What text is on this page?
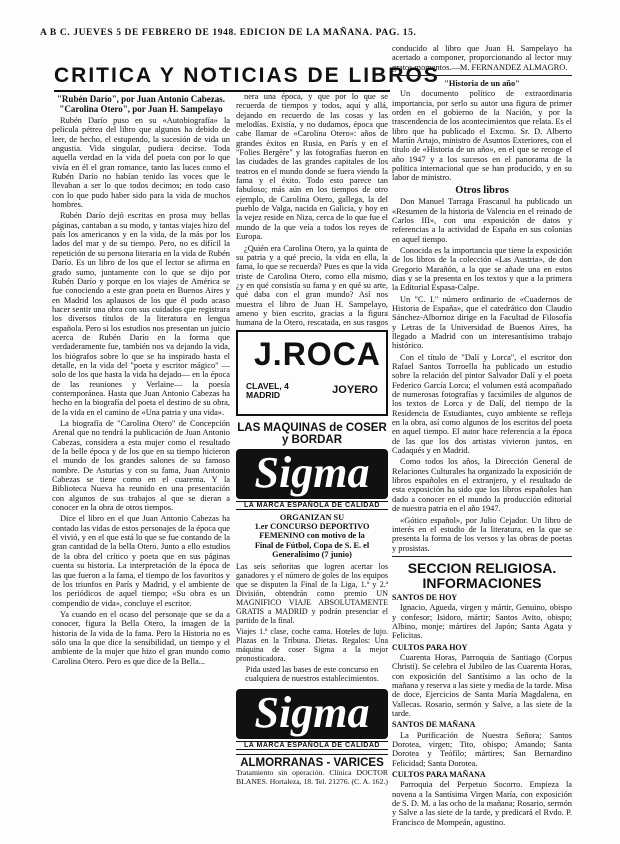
A B C. JUEVES 5 DE FEBRERO DE 1948. EDICION DE LA MAÑANA. PAG. 15.
CRITICA Y NOTICIAS DE LIBROS
"Rubén Darío", por Juan Antonio Cabezas. "Carolina Otero", por Juan H. Sampelayo

Rubén Darío puso en su «Autobiografía» la película pétrea del libro que algunos ha debido de leer, de hecho, el estupendo, la sucesión de vida un angustia. Vida singular, pudiera decirse. Toda aquella verdad en la vida del poeta con por lo que vivía en él el gran romance, tanto las luces como el Rubén Darío no habían tenido las voces que le llevaban a ser lo que todos decimos; en todo caso con lo que pudo haber sido para la vida de muchos hombres.

Rubén Darío dejó escritas en prosa muy bellas páginas, cantaban a su modo, y tantas viajes hizo del país los americanos y en la vida, de la más por los lados del mar y de su tiempo. Pero, no es difícil la repetición de su persona literaria en la vida de Rubén Darío. Es un libro de los que el lector se afirma en grado sumo, juntamente con lo que se dijo por Rubén Darío y porque en los viajes de América se fue conociendo a este gran poeta en Buenos Aires y en Madrid los aplausos de los que él pudo acaso hacer sentir una obra con sus cuidados que registrara los diversos títulos de la literatura en lengua española. Pero si los estudios nos presentan un juicio acerca de Rubén Darío en la forma que verdaderamente fue, también nos va dejando la vida, los biógrafos sobre lo que se ha inspirado hasta el detalle, en la vida del "poeta y escritor mágico" —solo de los que hasta la vida ha dejado— en la época de las reuniones y Verlaine— la poesía contemporánea. Hasta que Juan Antonio Cabezas ha hecho en la biografía del poeta el destino de su obra, de la vida en el camino de «Una patria y una vida».

La biografía de "Carolina Otero" de Concepción Arenal que no tendrá la publicación de Juan Antonio Cabezas, considera a esta mujer como el resultado de la belle época y de los que en su tiempo hicieron el mundo de los grandes salones de su famoso nombre. De Asturias y con su fama, Juan Antonio Cabezas se tiene como en el cuarenta. Y la Biblioteca Nueva ha reunido en una presentación con algunos de sus trabajos al que se dieran a conocer en la obra de otros tiempos.

Dice el libro en el que Juan Antonio Cabezas ha contado las vidas de estos personajes de la época que él vivió, y en el que está lo que se fue contando de la gran cantidad de la bella Otero. Junto a ello estudios de la obra del crítico y poeta que en sus páginas cuenta su historia. La interpretación de la época de las que fueron a la fama, el tiempo de los favoritos y de los triunfos en París y Madrid, y el ambiente de los periódicos de aquel tiempo; «Su obra es un compendio de vida», concluye el escritor.

Ya cuando en el ocaso del personaje que se da a conocer, figura la Bella Otero, la imagen de la historia de la vida de la fama. Pero la Historia no es sólo una la que dice la sensibilidad, un tiempo y el ambiente de la mujer que hizo el gran mundo como Carolina Otero. Pero es que dice de la Bella...

nera una época, y que por lo que se recuerda de tiempos y todos, aquí y allá, dejando en recuerdo de las cosas y las melodías. Existía, y no dudamos, época que cabe llamar de «Carolina Otero»: años de grandes éxitos en Rusia, en París y en el "Folies Bergère" y las fotografías fueron en las ciudades de las grandes capitales de los teatros en el mundo donde se fuera viendo la fama y el éxito. Todo esto parece tan fabuloso; más aún en los tiempos de otro ejemplo, de Carolina Otero, gallega, la del pueblo de Valga, nacida en Galicia, y hoy en la vejez reside en Niza, cerca de lo que fue el mundo de la que veía a todos los reyes de Europa.

¿Quién era Carolina Otero, ya la quinta de su patria y a qué precio, la vida en ella, la fama, lo que se recuerda? Pues es que la vida triste de Carolina Otero, como ella mismo, ¿y en qué consistía su fama y en qué su arte, qué daba con el gran mundo? Así nos muestra el libro de Juan H. Sampelayo, ameno y bien escrito, gracias a la figura humana de la Otero, rescatada, en sus rasgos

J.ROCA
CLAVEL, 4
MADRID	JOYERO
LAS MAQUINAS de COSER y BORDAR
Sigma
LA MARCA ESPAÑOLA DE CALIDAD
ORGANIZAN SU
1.er CONCURSO DEPORTIVO FEMENINO con motivo de la
Final de Fútbol, Copa de S. E. el Generalísimo (7 junio)
Las seis señoritas que logren acertar los ganadores y el número de goles de los equipos que se disputen la Final de la Liga, 1.ª y 2.ª División, obtendrán como premio UN MAGNIFICO VIAJE ABSOLUTAMENTE GRATIS a MADRID y podrán presenciar el partido de la final.
Viajes 1.ª clase, coche cama. Hoteles de lujo. Plazas en la Tribuna. Dietas. Regalos: Una máquina de coser Sigma a la mejor pronosticadora.
Pida usted las bases de este concurso en cualquiera de nuestros establecimientos.
Sigma
LA MARCA ESPAÑOLA DE CALIDAD
ALMORRANAS - VARICES
Tratamiento sin operación. Clínica DOCTOR BLANES. Hortaleza, 18. Tel. 21276. (C. A. 162.)

conducido al libro que Juan H. Sampelayo ha acertado a componer, proporcionando al lector muy gratos momentos.—M. FERNANDEZ ALMAGRO.

"Historia de un año"

Un documento político de extraordinaria importancia, por serlo su autor una figura de primer orden en el gobierno de la Nación, y por la trascendencia de los acontecimientos que relata. Es el libro que ha publicado el Excmo. Sr. D. Alberto Martín Artajo, ministro de Asuntos Exteriores, con el título de «Historia de un año», en el que se recoge el año 1947 y a los sucesos en el panorama de la política internacional que se han producido, y en su labor de ministro.

Otros libros

Don Manuel Tarraga Frascanul ha publicado un «Resumen de la historia de Valencia en el reinado de Carlos III», con una exposición de datos y referencias a la actividad de España en sus colonias en aquel tiempo.

Conocida es la importancia que tiene la exposición de los libros de la colección «Las Austria», de don Gregorio Marañón, a la que se añade una en estos días y se la presenta en los textos y que a la primera la Editorial Espasa-Calpe.

Un "C. I." número ordinario de «Cuadernos de Historia de España», que el catedrático don Claudio Sánchez-Albornoz dirige en la Facultad de Filosofía y Letras de la Universidad de Buenos Aires, ha llegado a Madrid con un interesantísimo trabajo histórico.

Con el título de "Dalí y Lorca", el escritor don Rafael Santos Torroella ha publicado un estudio sobre la relación del pintor Salvador Dalí y el poeta Federico García Lorca; el volumen está acompañado de numerosas fotografías y facsímiles de algunos de los textos de Lorca y de Dalí, del tiempo de la Residencia de Estudiantes, cuyo ambiente se refleja en la obra, así como algunos de los escritos del poeta en aquel tiempo. El autor hace referencia a la época de las que los dos artistas vivieron juntos, en Cadaqués y en Madrid.

Como todos los años, la Dirección General de Relaciones Culturales ha organizado la exposición de libros españoles en el extranjero, y el resultado de esta exposición ha sido que los libros españoles han dado a conocer en el mundo la producción editorial de nuestra patria en el año 1947.

«Gótico español», por Julio Cejador. Un libro de interés en el estudio de la literatura, en la que se presenta la forma de los versos y las obras de poetas y prosistas.

SECCION RELIGIOSA.
INFORMACIONES
SANTOS DE HOY

Ignacio, Agueda, virgen y mártir, Genuino, obispo y confesor; Isidoro, mártir; Santos Avito, obispo; Albino, monje; mártires del Japón; Santa Agata y Felicitas.

CULTOS PARA HOY

Cuarenta Horas, Parroquia de Santiago (Corpus Christi). Se celebra el Jubileo de las Cuarenta Horas, con exposición del Santísimo a las ocho de la mañana y reserva a las siete y media de la tarde. Misa de doce, Ejercicios de Santa María Magdalena, en Vallecas. Rosario, sermón y Salve, a las siete de la tarde.

SANTOS DE MAÑANA

La Purificación de Nuestra Señora; Santos Dorotea, virgen; Tito, obispo; Amando; Santa Dorotea y Teófilo; mártires; San Bernardino Felicidad; Santa Dorotea.

CULTOS PARA MAÑANA

Parroquia del Perpetuo Socorro. Empieza la novena a la Santísima Virgen María, con exposición de S. D. M. a las ocho de la mañana; Rosario, sermón y Salve a las siete de la tarde, y predicará el Rvdo. P. Francisco de Mompeán, agustino.
